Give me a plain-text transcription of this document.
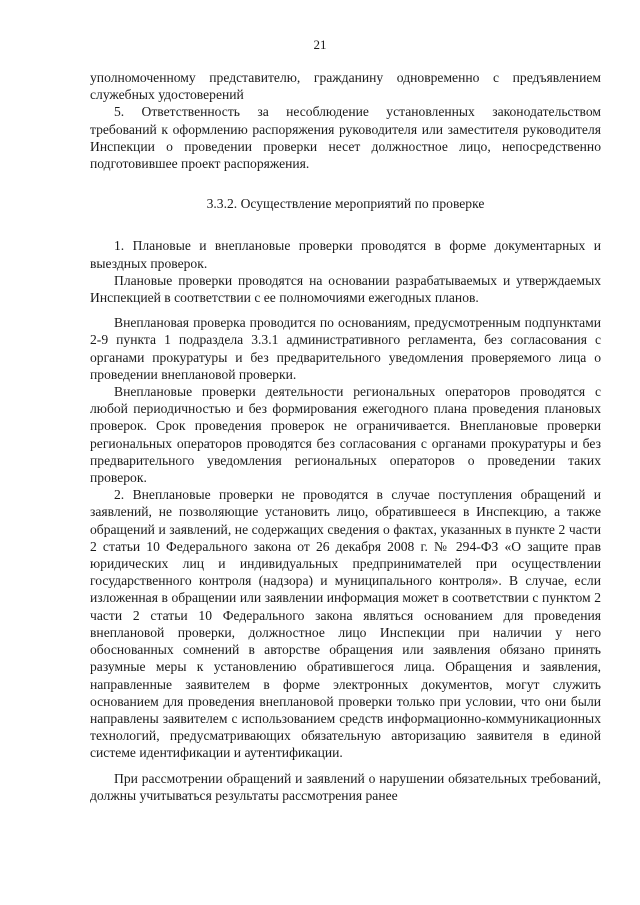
21

уполномоченному представителю, гражданину одновременно с предъявлением служебных удостоверений

5. Ответственность за несоблюдение установленных законодательством требований к оформлению распоряжения руководителя или заместителя руководителя Инспекции о проведении проверки несет должностное лицо, непосредственно подготовившее проект распоряжения.

3.3.2. Осуществление мероприятий по проверке

1. Плановые и внеплановые проверки проводятся в форме документарных и выездных проверок.

Плановые проверки проводятся на основании разрабатываемых и утверждаемых Инспекцией в соответствии с ее полномочиями ежегодных планов.

Внеплановая проверка проводится по основаниям, предусмотренным подпунктами 2-9 пункта 1 подраздела 3.3.1 административного регламента, без согласования с органами прокуратуры и без предварительного уведомления проверяемого лица о проведении внеплановой проверки.

Внеплановые проверки деятельности региональных операторов проводятся с любой периодичностью и без формирования ежегодного плана проведения плановых проверок. Срок проведения проверок не ограничивается. Внеплановые проверки региональных операторов проводятся без согласования с органами прокуратуры и без предварительного уведомления региональных операторов о проведении таких проверок.

2. Внеплановые проверки не проводятся в случае поступления обращений и заявлений, не позволяющие установить лицо, обратившееся в Инспекцию, а также обращений и заявлений, не содержащих сведения о фактах, указанных в пункте 2 части 2 статьи 10 Федерального закона от 26 декабря 2008 г. № 294-ФЗ «О защите прав юридических лиц и индивидуальных предпринимателей при осуществлении государственного контроля (надзора) и муниципального контроля». В случае, если изложенная в обращении или заявлении информация может в соответствии с пунктом 2 части 2 статьи 10 Федерального закона являться основанием для проведения внеплановой проверки, должностное лицо Инспекции при наличии у него обоснованных сомнений в авторстве обращения или заявления обязано принять разумные меры к установлению обратившегося лица. Обращения и заявления, направленные заявителем в форме электронных документов, могут служить основанием для проведения внеплановой проверки только при условии, что они были направлены заявителем с использованием средств информационно-коммуникационных технологий, предусматривающих обязательную авторизацию заявителя в единой системе идентификации и аутентификации.

При рассмотрении обращений и заявлений о нарушении обязательных требований, должны учитываться результаты рассмотрения ранее
